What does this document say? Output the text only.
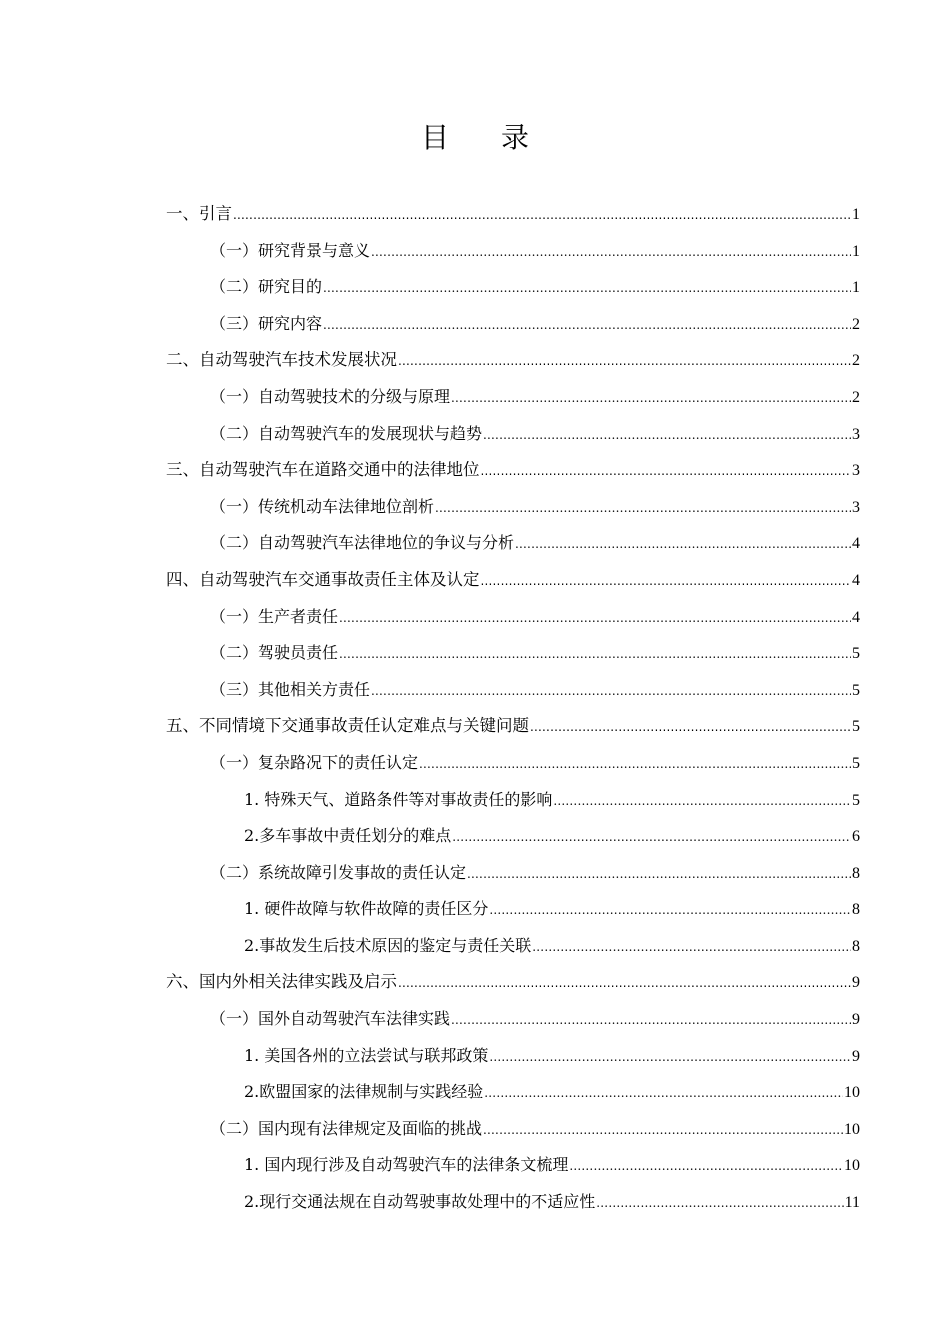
目录
一、引言 .....	1
（一）研究背景与意义 .....	1
（二）研究目的 .....	1
（三）研究内容 .....	2
二、自动驾驶汽车技术发展状况 .....	2
（一）自动驾驶技术的分级与原理 .....	2
（二）自动驾驶汽车的发展现状与趋势 .....	3
三、自动驾驶汽车在道路交通中的法律地位 .....	3
（一）传统机动车法律地位剖析 .....	3
（二）自动驾驶汽车法律地位的争议与分析 .....	4
四、自动驾驶汽车交通事故责任主体及认定 .....	4
（一）生产者责任 .....	4
（二）驾驶员责任 .....	5
（三）其他相关方责任 .....	5
五、不同情境下交通事故责任认定难点与关键问题 .....	5
（一）复杂路况下的责任认定 .....	5
1. 特殊天气、道路条件等对事故责任的影响 .....	5
2.多车事故中责任划分的难点 .....	6
（二）系统故障引发事故的责任认定 .....	8
1. 硬件故障与软件故障的责任区分 .....	8
2.事故发生后技术原因的鉴定与责任关联 .....	8
六、国内外相关法律实践及启示 .....	9
（一）国外自动驾驶汽车法律实践 .....	9
1. 美国各州的立法尝试与联邦政策 .....	9
2.欧盟国家的法律规制与实践经验 .....	10
（二）国内现有法律规定及面临的挑战 .....	10
1. 国内现行涉及自动驾驶汽车的法律条文梳理 .....	10
2.现行交通法规在自动驾驶事故处理中的不适应性 .....	11
